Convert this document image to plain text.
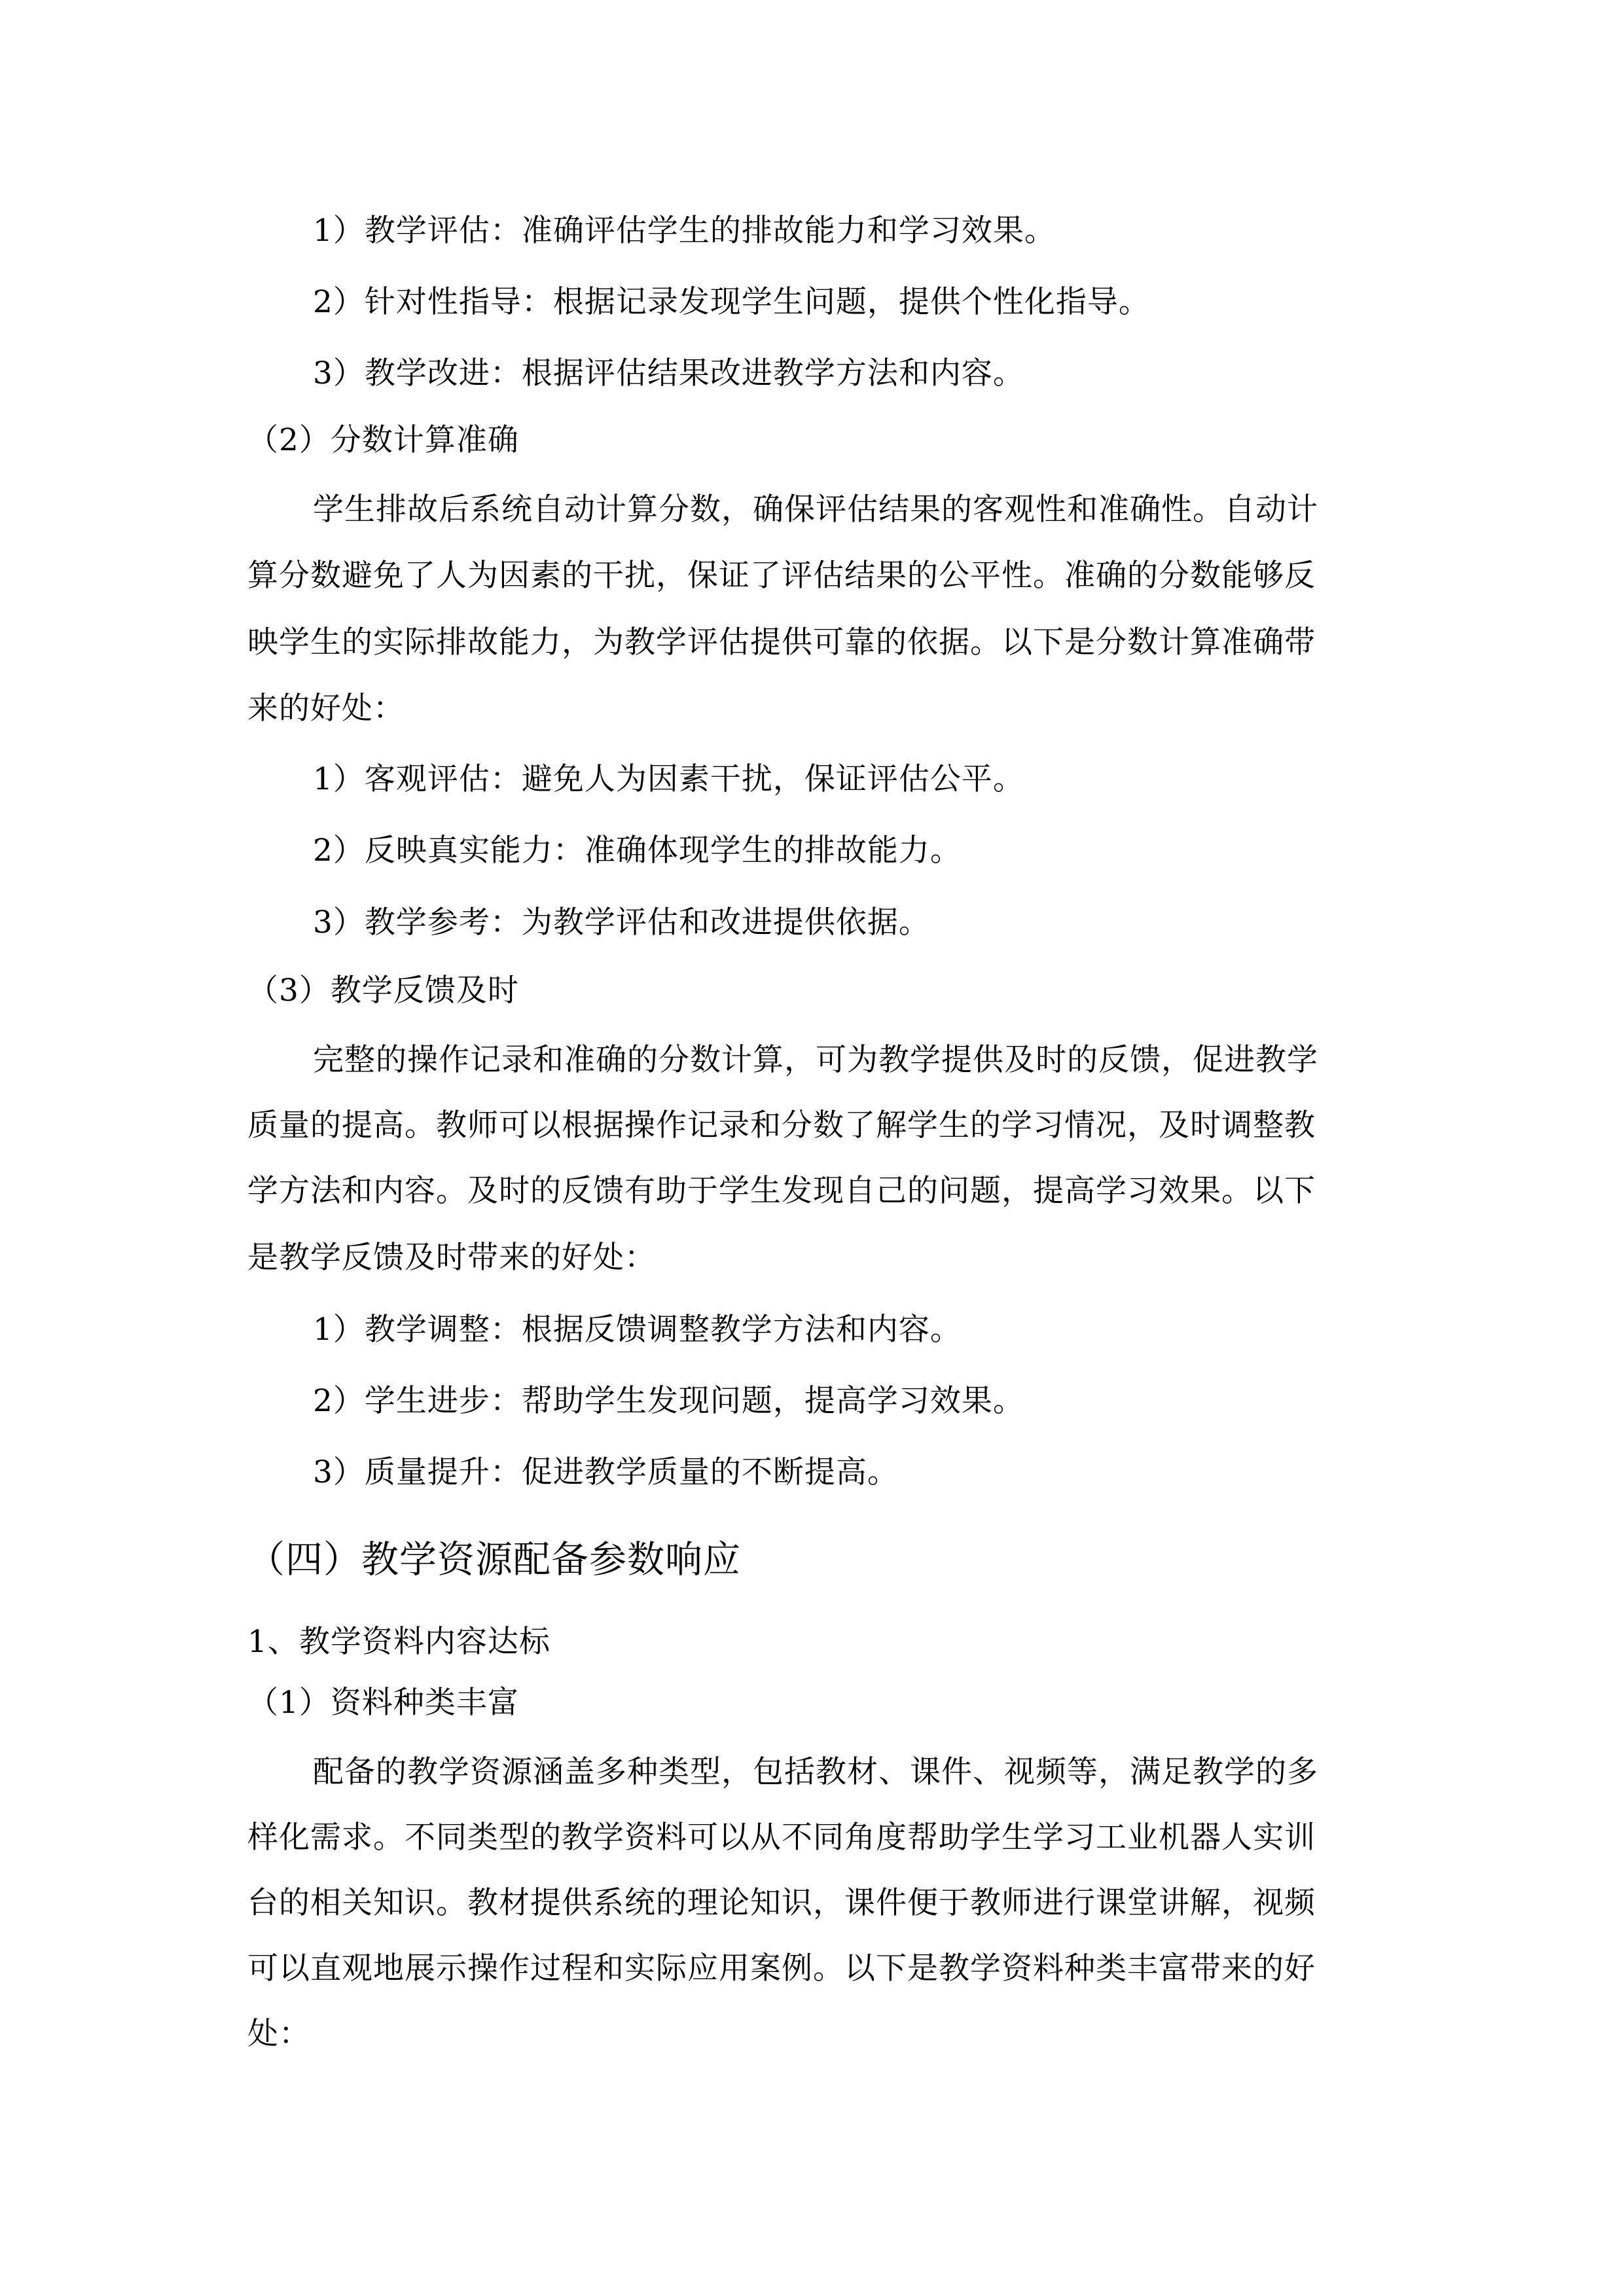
1）教学评估：准确评估学生的排故能力和学习效果。
2）针对性指导：根据记录发现学生问题，提供个性化指导。
3）教学改进：根据评估结果改进教学方法和内容。
（2）分数计算准确
学生排故后系统自动计算分数，确保评估结果的客观性和准确性。自动计
算分数避免了人为因素的干扰，保证了评估结果的公平性。准确的分数能够反
映学生的实际排故能力，为教学评估提供可靠的依据。以下是分数计算准确带
来的好处：
1）客观评估：避免人为因素干扰，保证评估公平。
2）反映真实能力：准确体现学生的排故能力。
3）教学参考：为教学评估和改进提供依据。
（3）教学反馈及时
完整的操作记录和准确的分数计算，可为教学提供及时的反馈，促进教学
质量的提高。教师可以根据操作记录和分数了解学生的学习情况，及时调整教
学方法和内容。及时的反馈有助于学生发现自己的问题，提高学习效果。以下
是教学反馈及时带来的好处：
1）教学调整：根据反馈调整教学方法和内容。
2）学生进步：帮助学生发现问题，提高学习效果。
3）质量提升：促进教学质量的不断提高。
（四）教学资源配备参数响应
1、教学资料内容达标
（1）资料种类丰富
配备的教学资源涵盖多种类型，包括教材、课件、视频等，满足教学的多
样化需求。不同类型的教学资料可以从不同角度帮助学生学习工业机器人实训
台的相关知识。教材提供系统的理论知识，课件便于教师进行课堂讲解，视频
可以直观地展示操作过程和实际应用案例。以下是教学资料种类丰富带来的好
处：
